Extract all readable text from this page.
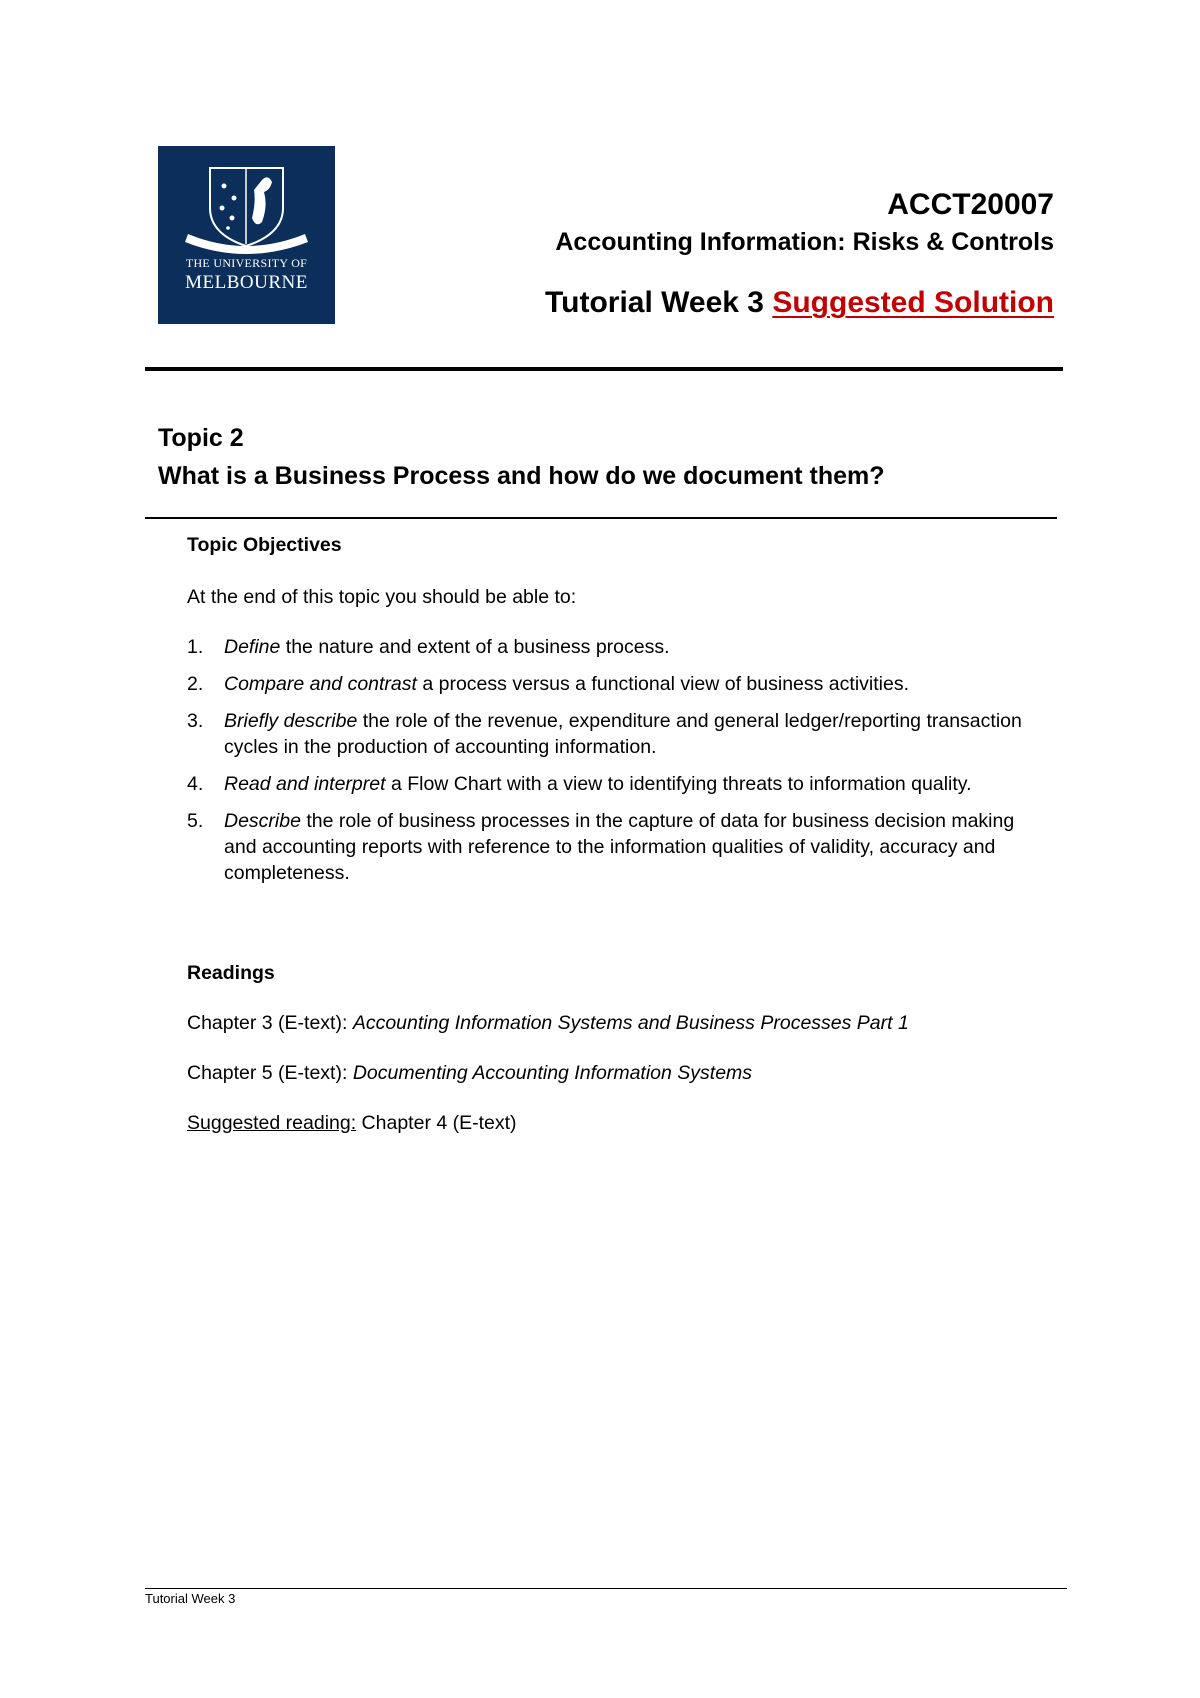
THE UNIVERSITY OF
MELBOURNE
ACCT20007
Accounting Information: Risks & Controls
Tutorial Week 3 Suggested Solution
Topic 2
What is a Business Process and how do we document them?
Topic Objectives
At the end of this topic you should be able to:
1. Define the nature and extent of a business process.
2. Compare and contrast a process versus a functional view of business activities.
3. Briefly describe the role of the revenue, expenditure and general ledger/reporting transaction cycles in the production of accounting information.
4. Read and interpret a Flow Chart with a view to identifying threats to information quality.
5. Describe the role of business processes in the capture of data for business decision making and accounting reports with reference to the information qualities of validity, accuracy and completeness.
Readings
Chapter 3 (E-text): Accounting Information Systems and Business Processes Part 1
Chapter 5 (E-text): Documenting Accounting Information Systems
Suggested reading: Chapter 4 (E-text)
Tutorial Week 3
